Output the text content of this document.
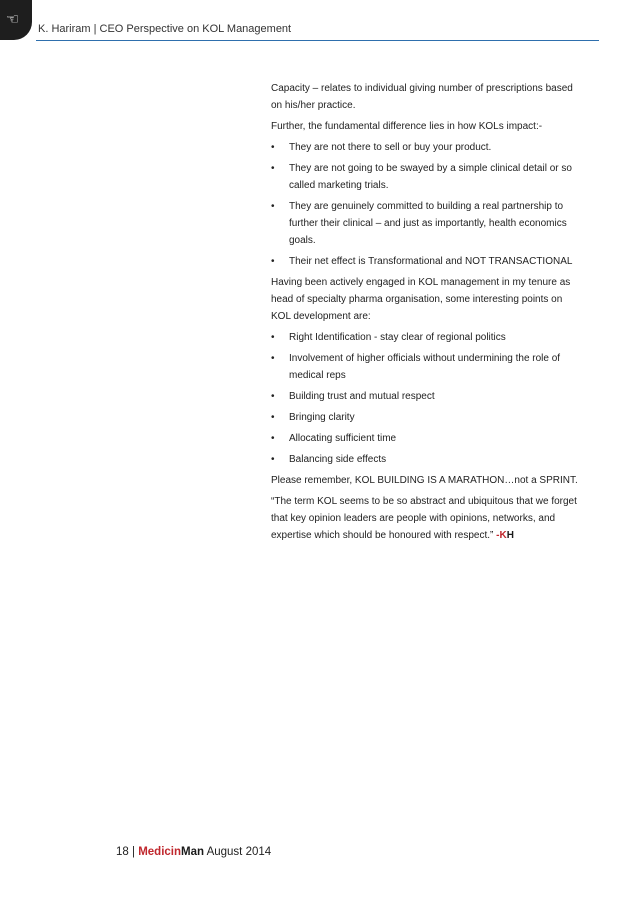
☜
K. Hariram | CEO Perspective on KOL Management

Capacity – relates to individual giving number of prescriptions based on his/her practice.

Further, the fundamental difference lies in how KOLs impact:-

• They are not there to sell or buy your product.
• They are not going to be swayed by a simple clinical detail or so called marketing trials.
• They are genuinely committed to building a real partnership to further their clinical – and just as importantly, health economics goals.
• Their net effect is Transformational and NOT TRANSACTIONAL

Having been actively engaged in KOL management in my tenure as head of specialty pharma organisation, some interesting points on KOL development are:

• Right Identification - stay clear of regional politics
• Involvement of higher officials without undermining the role of medical reps
• Building trust and mutual respect
• Bringing clarity
• Allocating sufficient time
• Balancing side effects

Please remember, KOL BUILDING IS A MARATHON…not a SPRINT.

“The term KOL seems to be so abstract and ubiquitous that we forget that key opinion leaders are people with opinions, networks, and expertise which should be honoured with respect.” -KH

18 | MedicinMan August 2014
